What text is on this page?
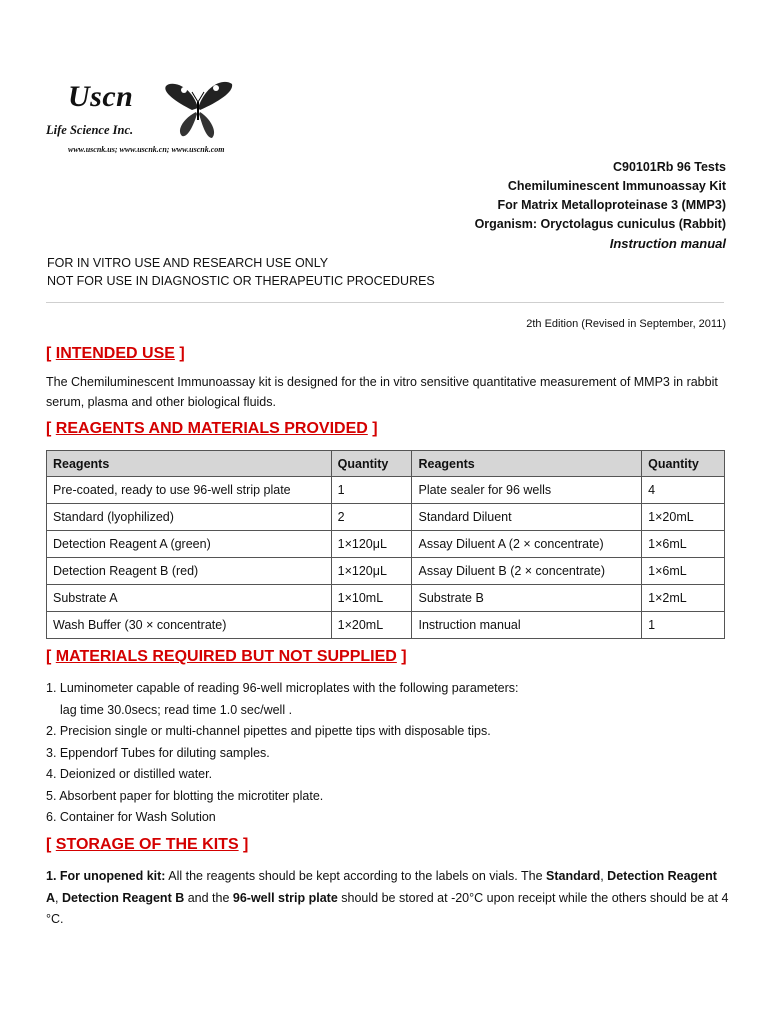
Uscn
Life Science Inc.
www.uscnk.us; www.uscnk.cn; www.uscnk.com
C90101Rb 96 Tests
Chemiluminescent Immunoassay Kit
For Matrix Metalloproteinase 3 (MMP3)
Organism: Oryctolagus cuniculus (Rabbit)
Instruction manual
FOR IN VITRO USE AND RESEARCH USE ONLY
NOT FOR USE IN DIAGNOSTIC OR THERAPEUTIC PROCEDURES
2th Edition (Revised in September, 2011)
[ INTENDED USE ]
The Chemiluminescent Immunoassay kit is designed for the in vitro sensitive quantitative measurement of MMP3 in rabbit serum, plasma and other biological fluids.
[ REAGENTS AND MATERIALS PROVIDED ]
Reagents	Quantity	Reagents	Quantity
Pre-coated, ready to use 96-well strip plate	1	Plate sealer for 96 wells	4
Standard (lyophilized)	2	Standard Diluent	1×20mL
Detection Reagent A (green)	1×120μL	Assay Diluent A (2 × concentrate)	1×6mL
Detection Reagent B (red)	1×120μL	Assay Diluent B (2 × concentrate)	1×6mL
Substrate A	1×10mL	Substrate B	1×2mL
Wash Buffer (30 × concentrate)	1×20mL	Instruction manual	1
[ MATERIALS REQUIRED BUT NOT SUPPLIED ]
1. Luminometer capable of reading 96-well microplates with the following parameters:
lag time 30.0secs; read time 1.0 sec/well .
2. Precision single or multi-channel pipettes and pipette tips with disposable tips.
3. Eppendorf Tubes for diluting samples.
4. Deionized or distilled water.
5. Absorbent paper for blotting the microtiter plate.
6. Container for Wash Solution
[ STORAGE OF THE KITS ]
1. For unopened kit: All the reagents should be kept according to the labels on vials. The Standard, Detection Reagent A, Detection Reagent B and the 96-well strip plate should be stored at -20°C upon receipt while the others should be at 4 °C.
